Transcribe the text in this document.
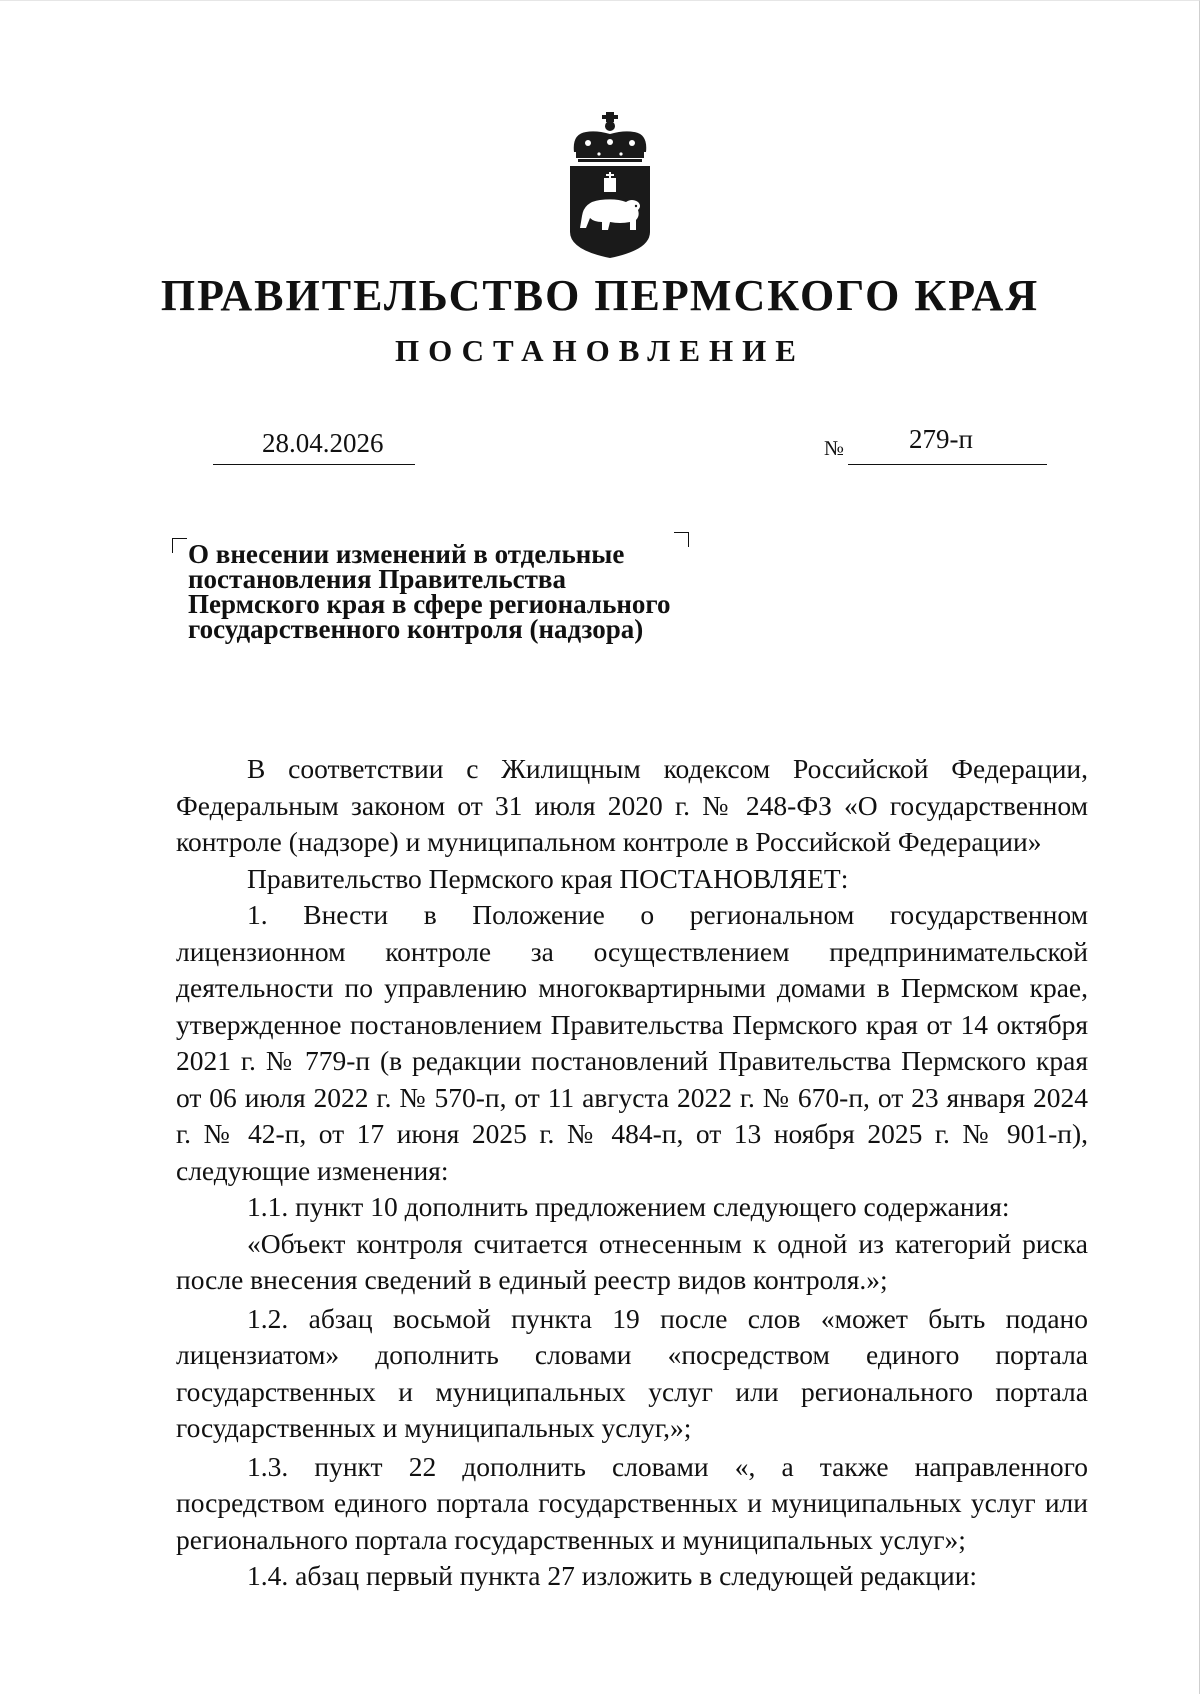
ПРАВИТЕЛЬСТВО ПЕРМСКОГО КРАЯ
ПОСТАНОВЛЕНИЕ
28.04.2026	№ 279-п
О внесении изменений в отдельные
постановления Правительства
Пермского края в сфере регионального
государственного контроля (надзора)

В соответствии с Жилищным кодексом Российской Федерации, Федеральным законом от 31 июля 2020 г. № 248-ФЗ «О государственном контроле (надзоре) и муниципальном контроле в Российской Федерации»

Правительство Пермского края ПОСТАНОВЛЯЕТ:

1. Внести в Положение о региональном государственном лицензионном контроле за осуществлением предпринимательской деятельности по управлению многоквартирными домами в Пермском крае, утвержденное постановлением Правительства Пермского края от 14 октября 2021 г. № 779-п (в редакции постановлений Правительства Пермского края от 06 июля 2022 г. № 570-п, от 11 августа 2022 г. № 670-п, от 23 января 2024 г. № 42-п, от 17 июня 2025 г. № 484-п, от 13 ноября 2025 г. № 901-п), следующие изменения:

1.1. пункт 10 дополнить предложением следующего содержания:

«Объект контроля считается отнесенным к одной из категорий риска после внесения сведений в единый реестр видов контроля.»;

1.2. абзац восьмой пункта 19 после слов «может быть подано лицензиатом» дополнить словами «посредством единого портала государственных и муниципальных услуг или регионального портала государственных и муниципальных услуг,»;

1.3. пункт 22 дополнить словами «, а также направленного посредством единого портала государственных и муниципальных услуг или регионального портала государственных и муниципальных услуг»;

1.4. абзац первый пункта 27 изложить в следующей редакции:
